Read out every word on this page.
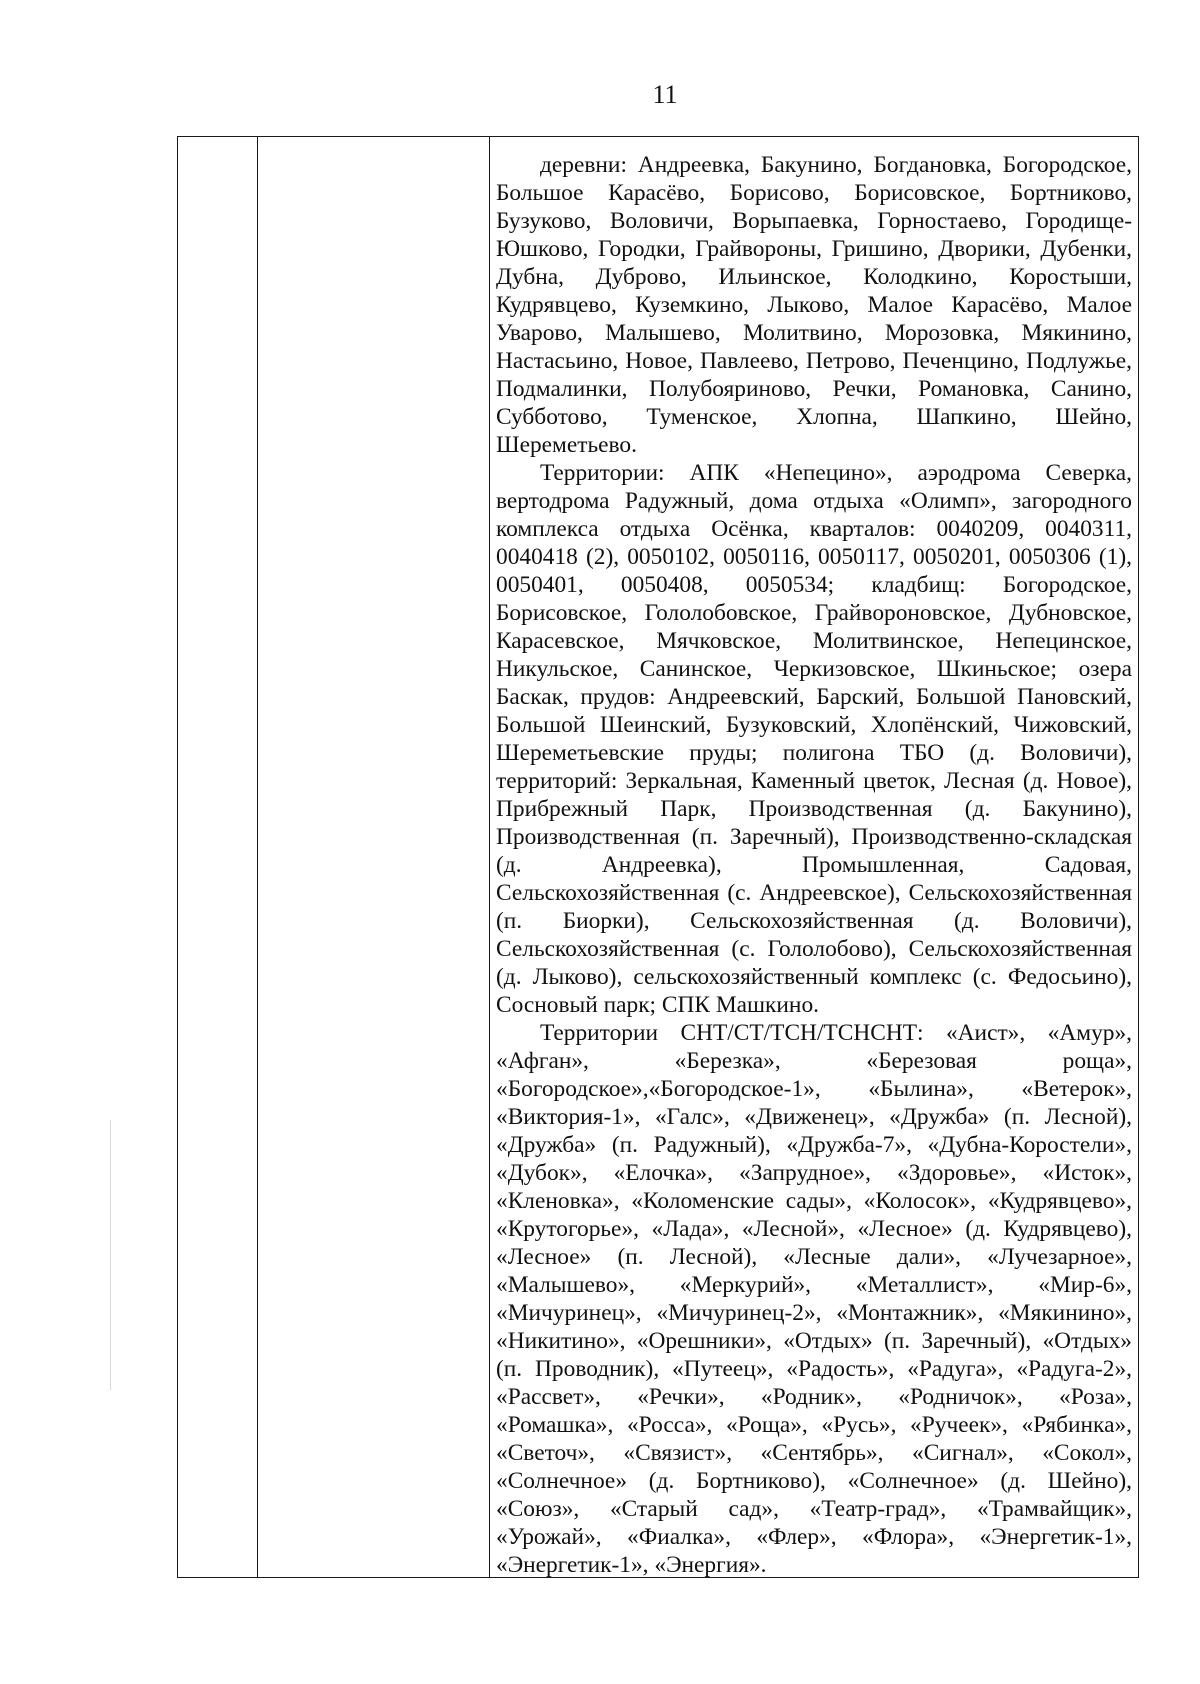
11

деревни: Андреевка, Бакунино, Богдановка, Богородское, Большое Карасёво, Борисово, Борисовское, Бортниково, Бузуково, Воловичи, Ворыпаевка, Горностаево, Городище-Юшково, Городки, Грайвороны, Гришино, Дворики, Дубенки, Дубна, Дуброво, Ильинское, Колодкино, Коростыши, Кудрявцево, Куземкино, Лыково, Малое Карасёво, Малое Уварово, Малышево, Молитвино, Морозовка, Мякинино, Настасьино, Новое, Павлеево, Петрово, Печенцино, Подлужье, Подмалинки, Полубояриново, Речки, Романовка, Санино, Субботово, Туменское, Хлопна, Шапкино, Шейно, Шереметьево.

Территории: АПК «Непецино», аэродрома Северка, вертодрома Радужный, дома отдыха «Олимп», загородного комплекса отдыха Осёнка, кварталов: 0040209, 0040311, 0040418 (2), 0050102, 0050116, 0050117, 0050201, 0050306 (1), 0050401, 0050408, 0050534; кладбищ: Богородское, Борисовское, Гололобовское, Грайвороновское, Дубновское, Карасевское, Мячковское, Молитвинское, Непецинское, Никульское, Санинское, Черкизовское, Шкиньское; озера Баскак, прудов: Андреевский, Барский, Большой Пановский, Большой Шеинский, Бузуковский, Хлопёнский, Чижовский, Шереметьевские пруды; полигона ТБО (д. Воловичи), территорий: Зеркальная, Каменный цветок, Лесная (д. Новое), Прибрежный Парк, Производственная (д. Бакунино), Производственная (п. Заречный), Производственно-складская (д. Андреевка), Промышленная, Садовая, Сельскохозяйственная (с. Андреевское), Сельскохозяйственная (п. Биорки), Сельскохозяйственная (д. Воловичи), Сельскохозяйственная (с. Гололобово), Сельскохозяйственная (д. Лыково), сельскохозяйственный комплекс (с. Федосьино), Сосновый парк; СПК Машкино.

Территории СНТ/СТ/ТСН/ТСНСНТ: «Аист», «Амур», «Афган», «Березка», «Березовая роща», «Богородское»,«Богородское-1», «Былина», «Ветерок», «Виктория-1», «Галс», «Движенец», «Дружба» (п. Лесной), «Дружба» (п. Радужный), «Дружба-7», «Дубна-Коростели», «Дубок», «Елочка», «Запрудное», «Здоровье», «Исток», «Кленовка», «Коломенские сады», «Колосок», «Кудрявцево», «Крутогорье», «Лада», «Лесной», «Лесное» (д. Кудрявцево), «Лесное» (п. Лесной), «Лесные дали», «Лучезарное», «Малышево», «Меркурий», «Металлист», «Мир-6», «Мичуринец», «Мичуринец-2», «Монтажник», «Мякинино», «Никитино», «Орешники», «Отдых» (п. Заречный), «Отдых» (п. Проводник), «Путеец», «Радость», «Радуга», «Радуга-2», «Рассвет», «Речки», «Родник», «Родничок», «Роза», «Ромашка», «Росса», «Роща», «Русь», «Ручеек», «Рябинка», «Светоч», «Связист», «Сентябрь», «Сигнал», «Сокол», «Солнечное» (д. Бортниково), «Солнечное» (д. Шейно), «Союз», «Старый сад», «Театр-град», «Трамвайщик», «Урожай», «Фиалка», «Флер», «Флора», «Энергетик-1», «Энергетик-1», «Энергия».
